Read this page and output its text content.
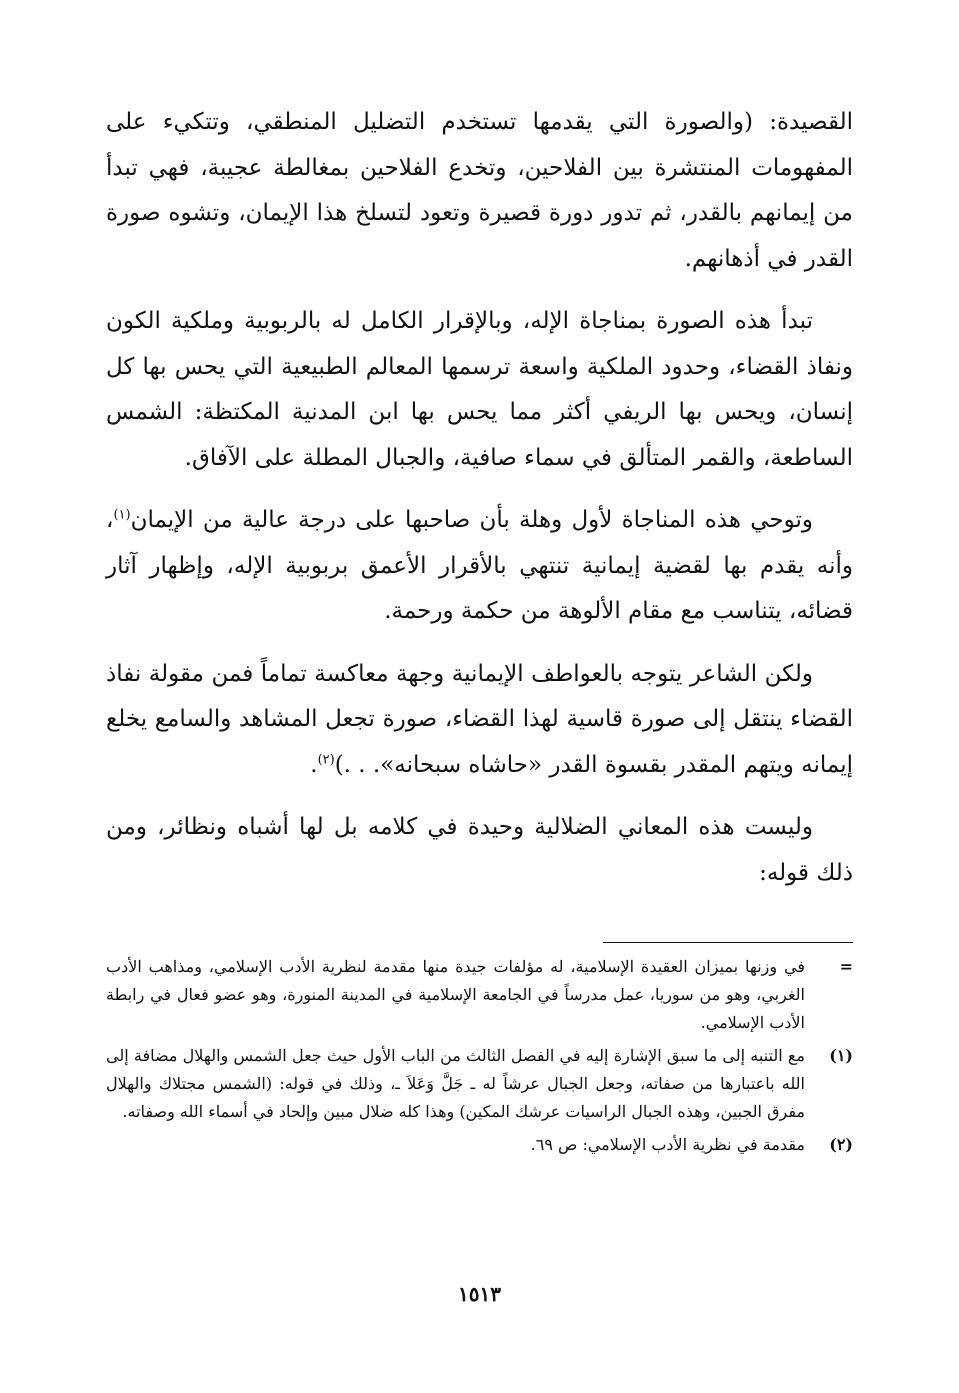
القصيدة: (والصورة التي يقدمها تستخدم التضليل المنطقي، وتتكيء على المفهومات المنتشرة بين الفلاحين، وتخدع الفلاحين بمغالطة عجيبة، فهي تبدأ من إيمانهم بالقدر، ثم تدور دورة قصيرة وتعود لتسلخ هذا الإيمان، وتشوه صورة القدر في أذهانهم.

تبدأ هذه الصورة بمناجاة الإله، وبالإقرار الكامل له بالربوبية وملكية الكون ونفاذ القضاء، وحدود الملكية واسعة ترسمها المعالم الطبيعية التي يحس بها كل إنسان، ويحس بها الريفي أكثر مما يحس بها ابن المدنية المكتظة: الشمس الساطعة، والقمر المتألق في سماء صافية، والجبال المطلة على الآفاق.

وتوحي هذه المناجاة لأول وهلة بأن صاحبها على درجة عالية من الإيمان$^{(١)}$، وأنه يقدم بها لقضية إيمانية تنتهي بالأقرار الأعمق بربوبية الإله، وإظهار آثار قضائه، يتناسب مع مقام الألوهة من حكمة ورحمة.

ولكن الشاعر يتوجه بالعواطف الإيمانية وجهة معاكسة تماماً فمن مقولة نفاذ القضاء ينتقل إلى صورة قاسية لهذا القضاء، صورة تجعل المشاهد والسامع يخلع إيمانه ويتهم المقدر بقسوة القدر «حاشاه سبحانه». . .)$^{(٢)}$.

وليست هذه المعاني الضلالية وحيدة في كلامه بل لها أشباه ونظائر، ومن ذلك قوله:

=
في وزنها بميزان العقيدة الإسلامية، له مؤلفات جيدة منها مقدمة لنظرية الأدب الإسلامي، ومذاهب الأدب الغربي، وهو من سوريا، عمل مدرساً في الجامعة الإسلامية في المدينة المنورة، وهو عضو فعال في رابطة الأدب الإسلامي.
(١)
مع التنبه إلى ما سبق الإشارة إليه في الفصل الثالث من الباب الأول حيث جعل الشمس والهلال مضافة إلى الله باعتبارها من صفاته، وجعل الجبال عرشاً له ـ جَلَّ وَعَلاَ ـ، وذلك في قوله: (الشمس مجتلاك والهلال مفرق الجبين، وهذه الجبال الراسيات عرشك المكين) وهذا كله ضلال مبين وإلحاد في أسماء الله وصفاته.
(٢)
مقدمة في نظرية الأدب الإسلامي: ص ٦٩.
١٥١٣
